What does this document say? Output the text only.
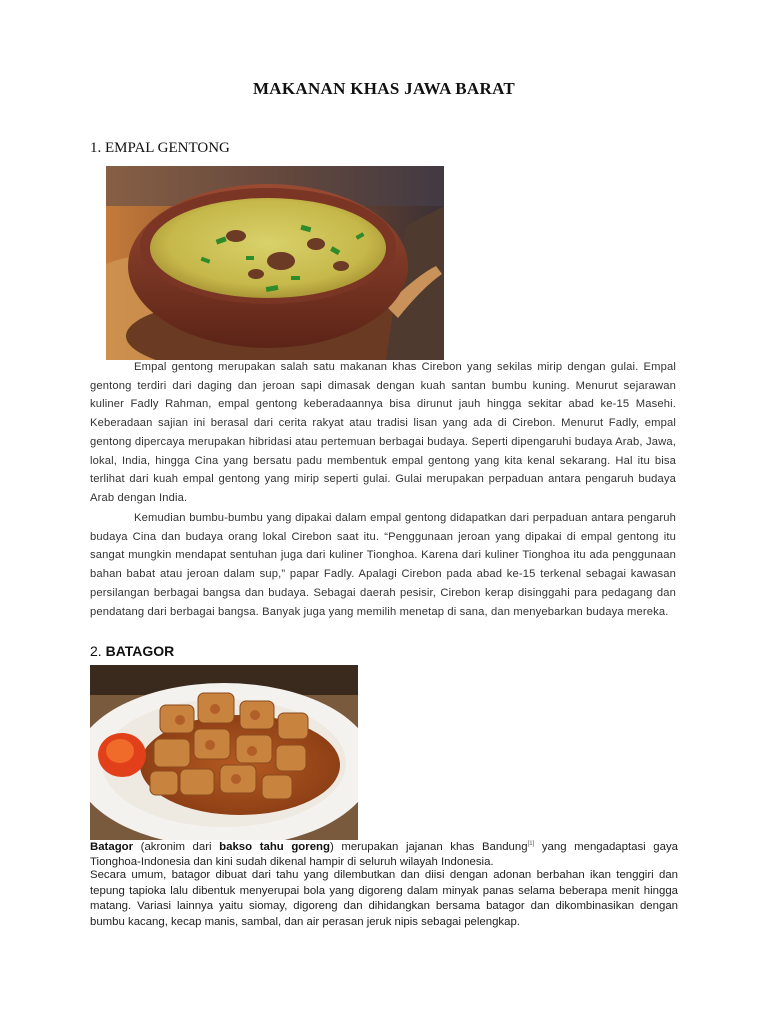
MAKANAN KHAS JAWA BARAT
1. EMPAL GENTONG
Empal gentong merupakan salah satu makanan khas Cirebon yang sekilas mirip dengan gulai. Empal gentong terdiri dari daging dan jeroan sapi dimasak dengan kuah santan bumbu kuning. Menurut sejarawan kuliner Fadly Rahman, empal gentong keberadaannya bisa dirunut jauh hingga sekitar abad ke-15 Masehi. Keberadaan sajian ini berasal dari cerita rakyat atau tradisi lisan yang ada di Cirebon. Menurut Fadly, empal gentong dipercaya merupakan hibridasi atau pertemuan berbagai budaya. Seperti dipengaruhi budaya Arab, Jawa, lokal, India, hingga Cina yang bersatu padu membentuk empal gentong yang kita kenal sekarang. Hal itu bisa terlihat dari kuah empal gentong yang mirip seperti gulai. Gulai merupakan perpaduan antara pengaruh budaya Arab dengan India.
Kemudian bumbu-bumbu yang dipakai dalam empal gentong didapatkan dari perpaduan antara pengaruh budaya Cina dan budaya orang lokal Cirebon saat itu. “Penggunaan jeroan yang dipakai di empal gentong itu sangat mungkin mendapat sentuhan juga dari kuliner Tionghoa. Karena dari kuliner Tionghoa itu ada penggunaan bahan babat atau jeroan dalam sup,” papar Fadly. Apalagi Cirebon pada abad ke-15 terkenal sebagai kawasan persilangan berbagai bangsa dan budaya. Sebagai daerah pesisir, Cirebon kerap disinggahi para pedagang dan pendatang dari berbagai bangsa. Banyak juga yang memilih menetap di sana, dan menyebarkan budaya mereka.
2. BATAGOR
Batagor (akronim dari bakso tahu goreng) merupakan jajanan khas Bandung[1] yang mengadaptasi gaya Tionghoa-Indonesia dan kini sudah dikenal hampir di seluruh wilayah Indonesia.
Secara umum, batagor dibuat dari tahu yang dilembutkan dan diisi dengan adonan berbahan ikan tenggiri dan tepung tapioka lalu dibentuk menyerupai bola yang digoreng dalam minyak panas selama beberapa menit hingga matang. Variasi lainnya yaitu siomay, digoreng dan dihidangkan bersama batagor dan dikombinasikan dengan bumbu kacang, kecap manis, sambal, dan air perasan jeruk nipis sebagai pelengkap.
